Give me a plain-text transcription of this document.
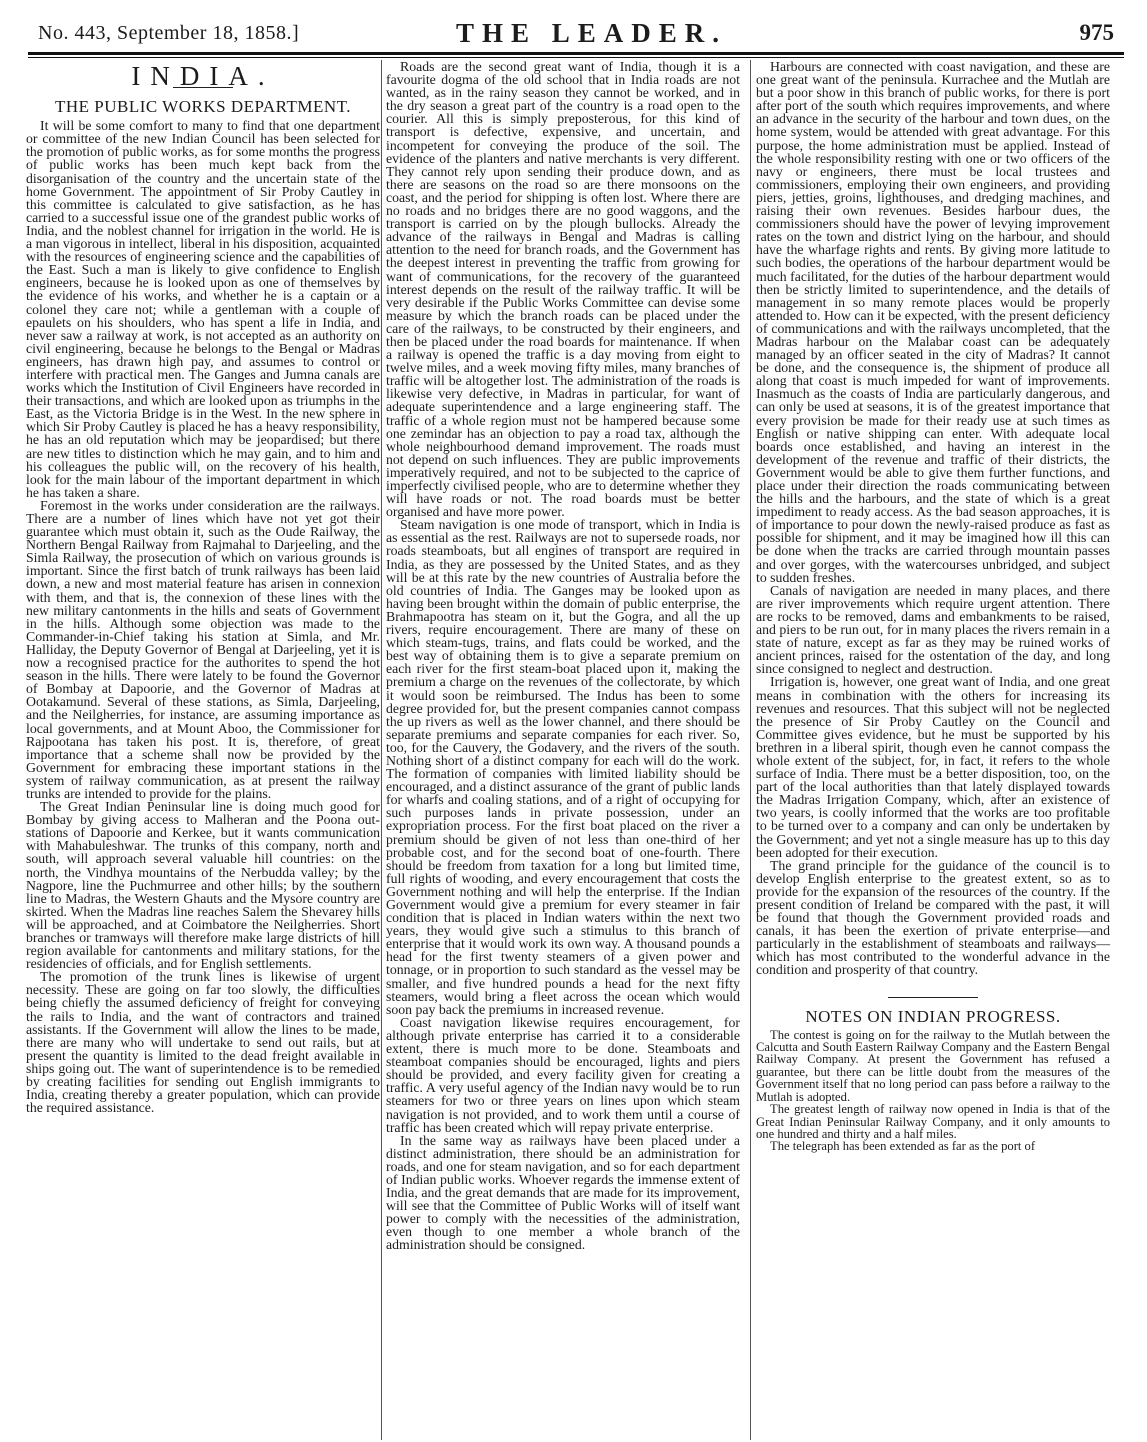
No. 443, September 18, 1858.]	THE LEADER.	975
INDIA.
THE PUBLIC WORKS DEPARTMENT.

It will be some comfort to many to find that one department or committee of the new Indian Council has been selected for the promotion of public works, as for some months the progress of public works has been much kept back from the disorganisation of the country and the uncertain state of the home Government. The appointment of Sir Proby Cautley in this committee is calculated to give satisfaction, as he has carried to a successful issue one of the grandest public works of India, and the noblest channel for irrigation in the world. He is a man vigorous in intellect, liberal in his disposition, acquainted with the resources of engineering science and the capabilities of the East. Such a man is likely to give confidence to English engineers, because he is looked upon as one of themselves by the evidence of his works, and whether he is a captain or a colonel they care not; while a gentleman with a couple of epaulets on his shoulders, who has spent a life in India, and never saw a railway at work, is not accepted as an authority on civil engineering, because he belongs to the Bengal or Madras engineers, has drawn high pay, and assumes to control or interfere with practical men. The Ganges and Jumna canals are works which the Institution of Civil Engineers have recorded in their transactions, and which are looked upon as triumphs in the East, as the Victoria Bridge is in the West. In the new sphere in which Sir Proby Cautley is placed he has a heavy responsibility, he has an old reputation which may be jeopardised; but there are new titles to distinction which he may gain, and to him and his colleagues the public will, on the recovery of his health, look for the main labour of the important department in which he has taken a share.

Foremost in the works under consideration are the railways. There are a number of lines which have not yet got their guarantee which must obtain it, such as the Oude Railway, the Northern Bengal Railway from Rajmahal to Darjeeling, and the Simla Railway, the prosecution of which on various grounds is important. Since the first batch of trunk railways has been laid down, a new and most material feature has arisen in connexion with them, and that is, the connexion of these lines with the new military cantonments in the hills and seats of Government in the hills. Although some objection was made to the Commander-in-Chief taking his station at Simla, and Mr. Halliday, the Deputy Governor of Bengal at Darjeeling, yet it is now a recognised practice for the authorites to spend the hot season in the hills. There were lately to be found the Governor of Bombay at Dapoorie, and the Governor of Madras at Ootakamund. Several of these stations, as Simla, Darjeeling, and the Neilgherries, for instance, are assuming importance as local governments, and at Mount Aboo, the Commissioner for Rajpootana has taken his post. It is, therefore, of great importance that a scheme shall now be provided by the Government for embracing these important stations in the system of railway communication, as at present the railway trunks are intended to provide for the plains.

The Great Indian Peninsular line is doing much good for Bombay by giving access to Malheran and the Poona out-stations of Dapoorie and Kerkee, but it wants communication with Mahabuleshwar. The trunks of this company, north and south, will approach several valuable hill countries: on the north, the Vindhya mountains of the Nerbudda valley; by the Nagpore, line the Puchmurree and other hills; by the southern line to Madras, the Western Ghauts and the Mysore country are skirted. When the Madras line reaches Salem the Shevarey hills will be approached, and at Coimbatore the Neilgherries. Short branches or tramways will therefore make large districts of hill region available for cantonments and military stations, for the residencies of officials, and for English settlements.

The promotion of the trunk lines is likewise of urgent necessity. These are going on far too slowly, the difficulties being chiefly the assumed deficiency of freight for conveying the rails to India, and the want of contractors and trained assistants. If the Government will allow the lines to be made, there are many who will undertake to send out rails, but at present the quantity is limited to the dead freight available in ships going out. The want of superintendence is to be remedied by creating facilities for sending out English immigrants to India, creating thereby a greater population, which can provide the required assistance.

Roads are the second great want of India, though it is a favourite dogma of the old school that in India roads are not wanted, as in the rainy season they cannot be worked, and in the dry season a great part of the country is a road open to the courier. All this is simply preposterous, for this kind of transport is defective, expensive, and uncertain, and incompetent for conveying the produce of the soil. The evidence of the planters and native merchants is very different. They cannot rely upon sending their produce down, and as there are seasons on the road so are there monsoons on the coast, and the period for shipping is often lost. Where there are no roads and no bridges there are no good waggons, and the transport is carried on by the plough bullocks. Already the advance of the railways in Bengal and Madras is calling attention to the need for branch roads, and the Government has the deepest interest in preventing the traffic from growing for want of communications, for the recovery of the guaranteed interest depends on the result of the railway traffic. It will be very desirable if the Public Works Committee can devise some measure by which the branch roads can be placed under the care of the railways, to be constructed by their engineers, and then be placed under the road boards for maintenance. If when a railway is opened the traffic is a day moving from eight to twelve miles, and a week moving fifty miles, many branches of traffic will be altogether lost. The administration of the roads is likewise very defective, in Madras in particular, for want of adequate superintendence and a large engineering staff. The traffic of a whole region must not be hampered because some one zemindar has an objection to pay a road tax, although the whole neighbourhood demand improvement. The roads must not depend on such influences. They are public improvements imperatively required, and not to be subjected to the caprice of imperfectly civilised people, who are to determine whether they will have roads or not. The road boards must be better organised and have more power.

Steam navigation is one mode of transport, which in India is as essential as the rest. Railways are not to supersede roads, nor roads steamboats, but all engines of transport are required in India, as they are possessed by the United States, and as they will be at this rate by the new countries of Australia before the old countries of India. The Ganges may be looked upon as having been brought within the domain of public enterprise, the Brahmapootra has steam on it, but the Gogra, and all the up rivers, require encouragement. There are many of these on which steam-tugs, trains, and flats could be worked, and the best way of obtaining them is to give a separate premium on each river for the first steam-boat placed upon it, making the premium a charge on the revenues of the collectorate, by which it would soon be reimbursed. The Indus has been to some degree provided for, but the present companies cannot compass the up rivers as well as the lower channel, and there should be separate premiums and separate companies for each river. So, too, for the Cauvery, the Godavery, and the rivers of the south. Nothing short of a distinct company for each will do the work. The formation of companies with limited liability should be encouraged, and a distinct assurance of the grant of public lands for wharfs and coaling stations, and of a right of occupying for such purposes lands in private possession, under an expropriation process. For the first boat placed on the river a premium should be given of not less than one-third of her probable cost, and for the second boat of one-fourth. There should be freedom from taxation for a long but limited time, full rights of wooding, and every encouragement that costs the Government nothing and will help the enterprise. If the Indian Government would give a premium for every steamer in fair condition that is placed in Indian waters within the next two years, they would give such a stimulus to this branch of enterprise that it would work its own way. A thousand pounds a head for the first twenty steamers of a given power and tonnage, or in proportion to such standard as the vessel may be smaller, and five hundred pounds a head for the next fifty steamers, would bring a fleet across the ocean which would soon pay back the premiums in increased revenue.

Coast navigation likewise requires encouragement, for although private enterprise has carried it to a considerable extent, there is much more to be done. Steamboats and steamboat companies should be encouraged, lights and piers should be provided, and every facility given for creating a traffic. A very useful agency of the Indian navy would be to run steamers for two or three years on lines upon which steam navigation is not provided, and to work them until a course of traffic has been created which will repay private enterprise.

In the same way as railways have been placed under a distinct administration, there should be an administration for roads, and one for steam navigation, and so for each department of Indian public works. Whoever regards the immense extent of India, and the great demands that are made for its improvement, will see that the Committee of Public Works will of itself want power to comply with the necessities of the administration, even though to one member a whole branch of the administration should be consigned.

Harbours are connected with coast navigation, and these are one great want of the peninsula. Kurrachee and the Mutlah are but a poor show in this branch of public works, for there is port after port of the south which requires improvements, and where an advance in the security of the harbour and town dues, on the home system, would be attended with great advantage. For this purpose, the home administration must be applied. Instead of the whole responsibility resting with one or two officers of the navy or engineers, there must be local trustees and commissioners, employing their own engineers, and providing piers, jetties, groins, lighthouses, and dredging machines, and raising their own revenues. Besides harbour dues, the commissioners should have the power of levying improvement rates on the town and district lying on the harbour, and should have the wharfage rights and rents. By giving more latitude to such bodies, the operations of the harbour department would be much facilitated, for the duties of the harbour department would then be strictly limited to superintendence, and the details of management in so many remote places would be properly attended to. How can it be expected, with the present deficiency of communications and with the railways uncompleted, that the Madras harbour on the Malabar coast can be adequately managed by an officer seated in the city of Madras? It cannot be done, and the consequence is, the shipment of produce all along that coast is much impeded for want of improvements. Inasmuch as the coasts of India are particularly dangerous, and can only be used at seasons, it is of the greatest importance that every provision be made for their ready use at such times as English or native shipping can enter. With adequate local boards once established, and having an interest in the development of the revenue and traffic of their districts, the Government would be able to give them further functions, and place under their direction the roads communicating between the hills and the harbours, and the state of which is a great impediment to ready access. As the bad season approaches, it is of importance to pour down the newly-raised produce as fast as possible for shipment, and it may be imagined how ill this can be done when the tracks are carried through mountain passes and over gorges, with the watercourses unbridged, and subject to sudden freshes.

Canals of navigation are needed in many places, and there are river improvements which require urgent attention. There are rocks to be removed, dams and embankments to be raised, and piers to be run out, for in many places the rivers remain in a state of nature, except as far as they may be ruined works of ancient princes, raised for the ostentation of the day, and long since consigned to neglect and destruction.

Irrigation is, however, one great want of India, and one great means in combination with the others for increasing its revenues and resources. That this subject will not be neglected the presence of Sir Proby Cautley on the Council and Committee gives evidence, but he must be supported by his brethren in a liberal spirit, though even he cannot compass the whole extent of the subject, for, in fact, it refers to the whole surface of India. There must be a better disposition, too, on the part of the local authorities than that lately displayed towards the Madras Irrigation Company, which, after an existence of two years, is coolly informed that the works are too profitable to be turned over to a company and can only be undertaken by the Government; and yet not a single measure has up to this day been adopted for their execution.

The grand principle for the guidance of the council is to develop English enterprise to the greatest extent, so as to provide for the expansion of the resources of the country. If the present condition of Ireland be compared with the past, it will be found that though the Government provided roads and canals, it has been the exertion of private enterprise—and particularly in the establishment of steamboats and railways—which has most contributed to the wonderful advance in the condition and prosperity of that country.

NOTES ON INDIAN PROGRESS.

The contest is going on for the railway to the Mutlah between the Calcutta and South Eastern Railway Company and the Eastern Bengal Railway Company. At present the Government has refused a guarantee, but there can be little doubt from the measures of the Government itself that no long period can pass before a railway to the Mutlah is adopted.

The greatest length of railway now opened in India is that of the Great Indian Peninsular Railway Company, and it only amounts to one hundred and thirty and a half miles.

The telegraph has been extended as far as the port of
